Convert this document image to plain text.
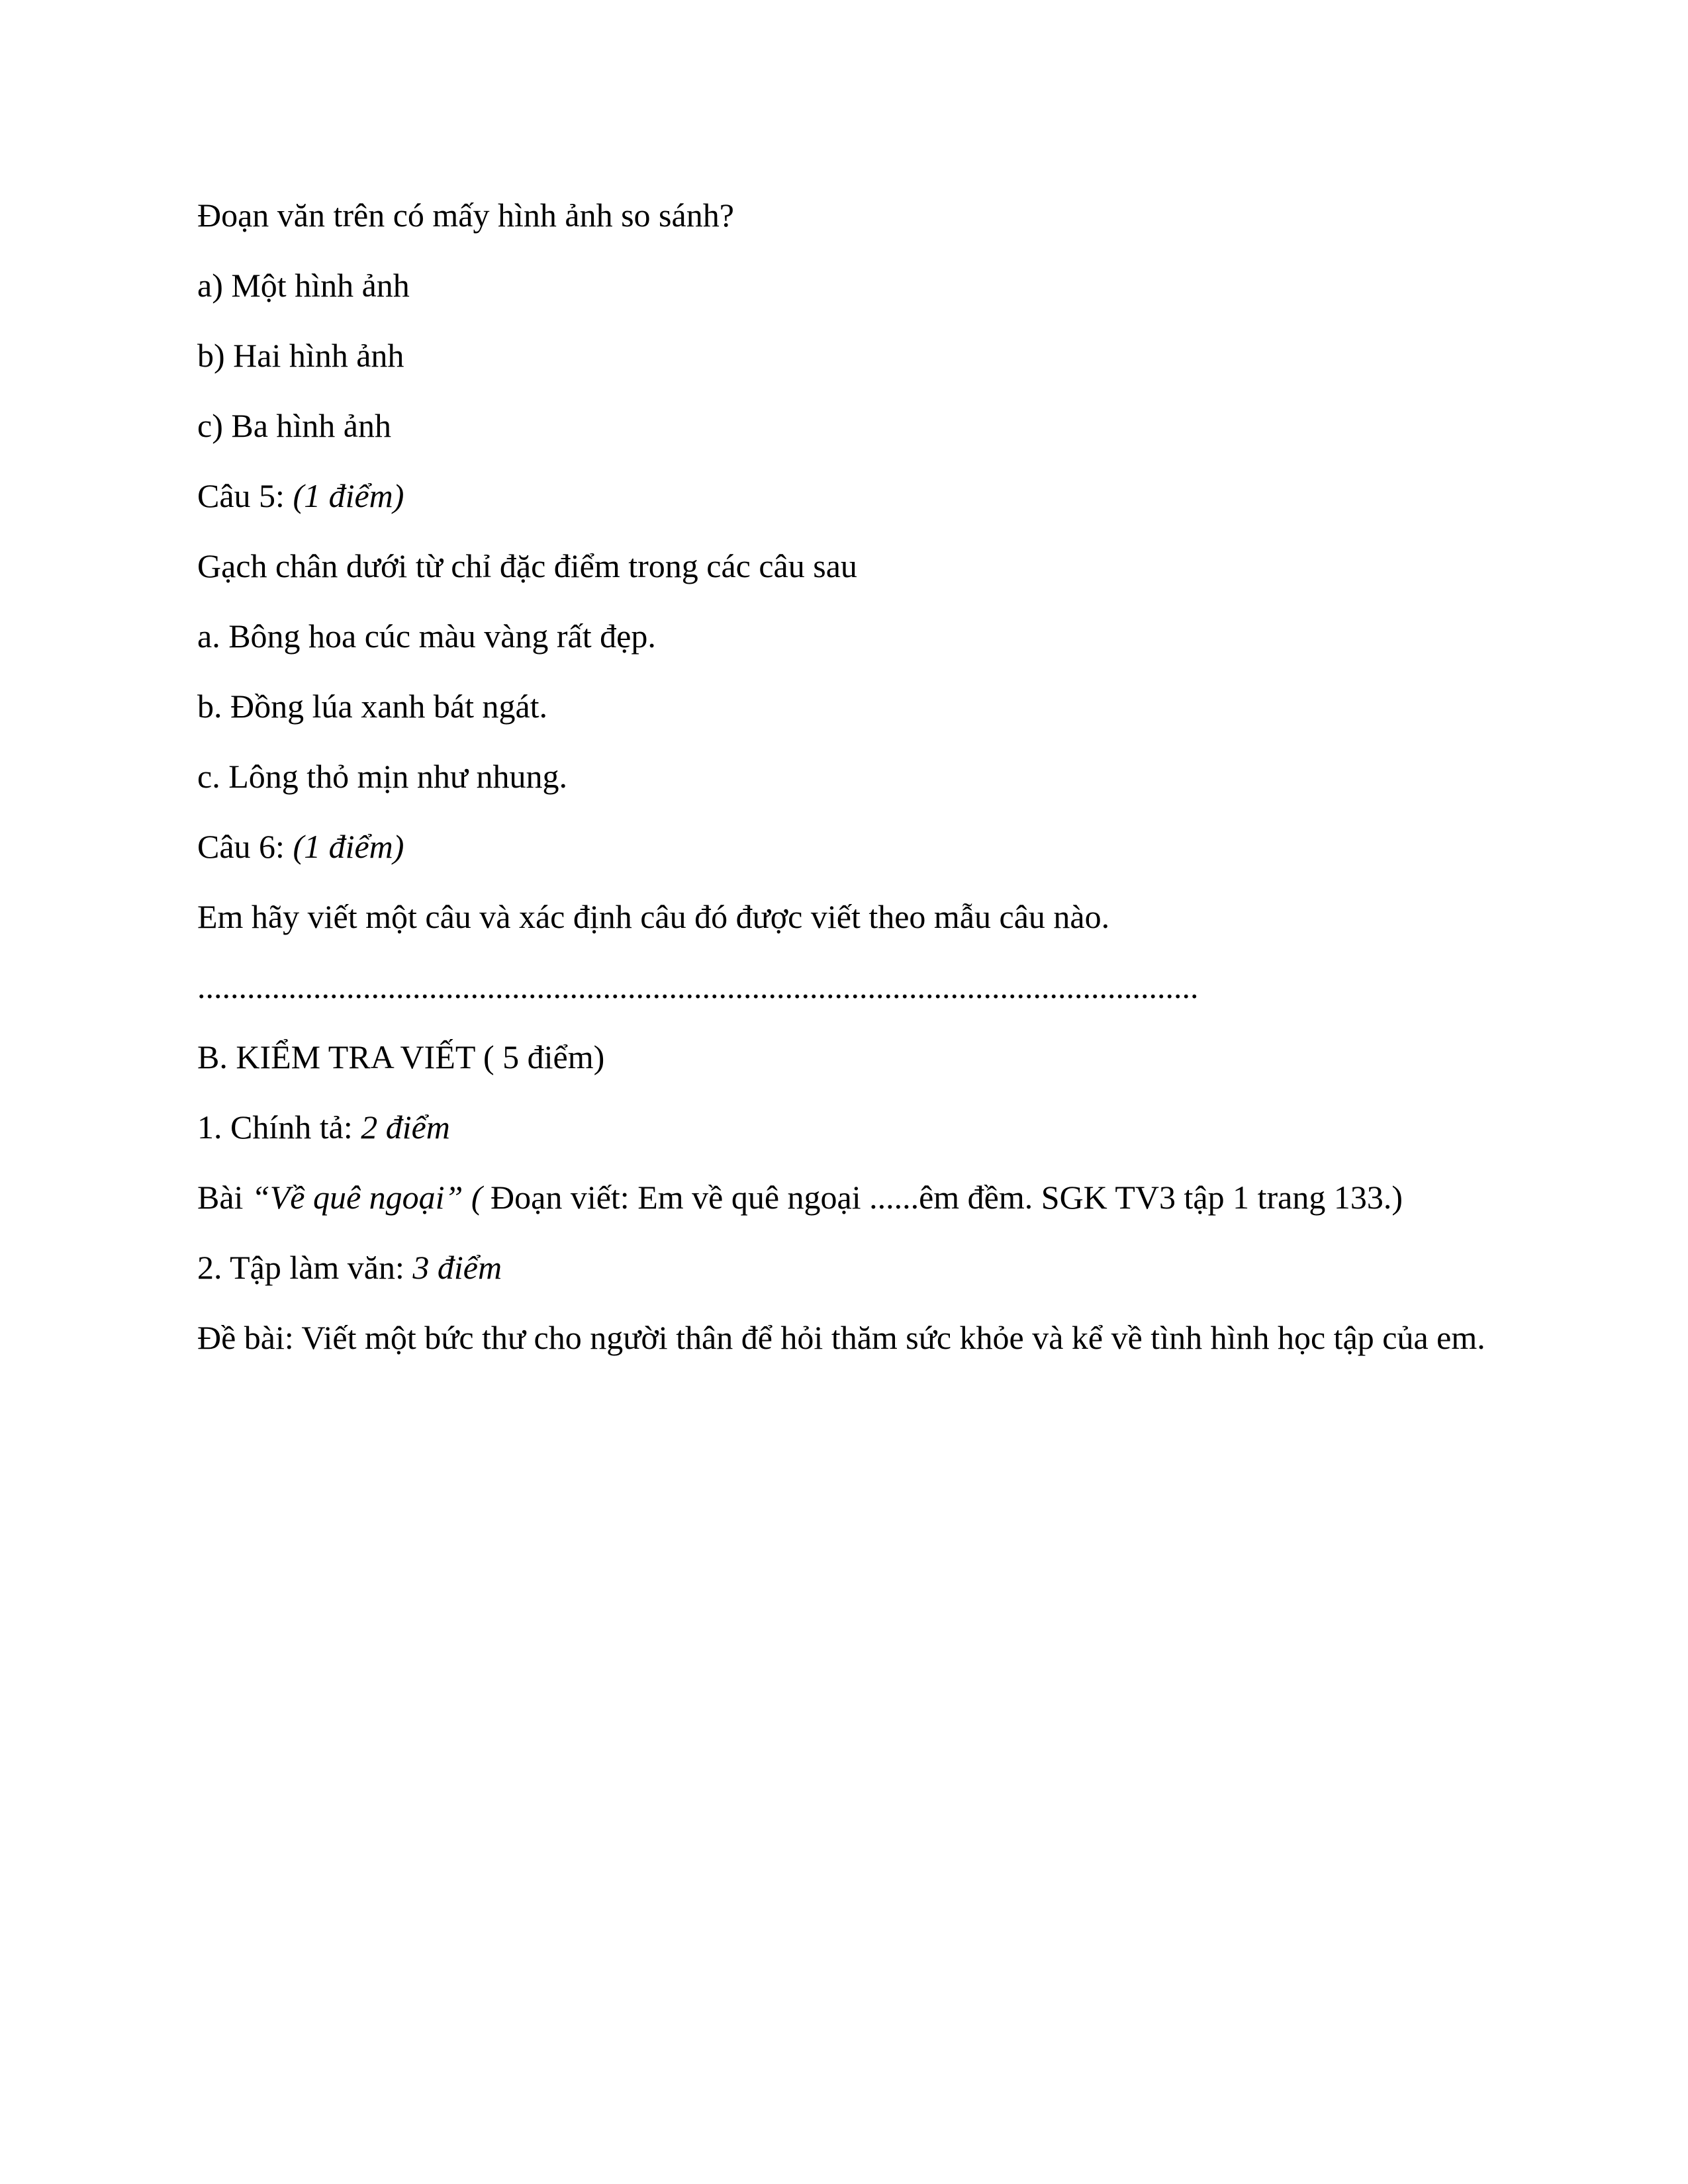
Đoạn văn trên có mấy hình ảnh so sánh?

a) Một hình ảnh

b) Hai hình ảnh

c) Ba hình ảnh

Câu 5: (1 điểm)

Gạch chân dưới từ chỉ đặc điểm trong các câu sau

a. Bông hoa cúc màu vàng rất đẹp.

b. Đồng lúa xanh bát ngát.

c. Lông thỏ mịn như nhung.

Câu 6: (1 điểm)

Em hãy viết một câu và xác định câu đó được viết theo mẫu câu nào.

.........................................................................................................................

B. KIỂM TRA VIẾT ( 5 điểm)

1. Chính tả: 2 điểm

Bài “Về quê ngoại” ( Đoạn viết: Em về quê ngoại ......êm đềm. SGK TV3 tập 1 trang 133.)

2. Tập làm văn: 3 điểm

Đề bài: Viết một bức thư cho người thân để hỏi thăm sức khỏe và kể về tình hình học tập của em.
